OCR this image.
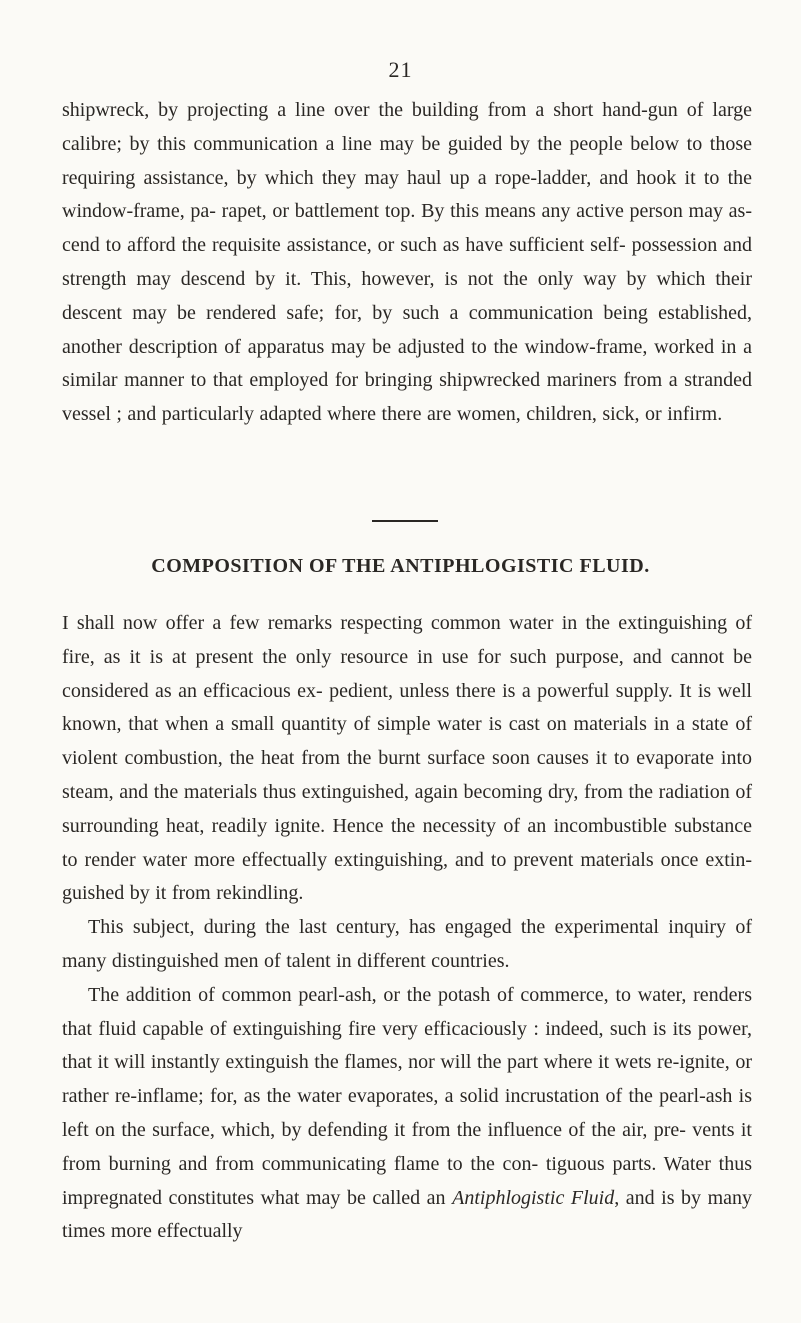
21

shipwreck, by projecting a line over the building from a short hand-gun of large calibre; by this communication a line may be guided by the people below to those requiring assistance, by which they may haul up a rope-ladder, and hook it to the window-frame, pa- rapet, or battlement top. By this means any active person may as- cend to afford the requisite assistance, or such as have sufficient self- possession and strength may descend by it. This, however, is not the only way by which their descent may be rendered safe; for, by such a communication being established, another description of apparatus may be adjusted to the window-frame, worked in a similar manner to that employed for bringing shipwrecked mariners from a stranded vessel ; and particularly adapted where there are women, children, sick, or infirm.

COMPOSITION OF THE ANTIPHLOGISTIC FLUID.

I shall now offer a few remarks respecting common water in the extinguishing of fire, as it is at present the only resource in use for such purpose, and cannot be considered as an efficacious ex- pedient, unless there is a powerful supply. It is well known, that when a small quantity of simple water is cast on materials in a state of violent combustion, the heat from the burnt surface soon causes it to evaporate into steam, and the materials thus extinguished, again becoming dry, from the radiation of surrounding heat, readily ignite. Hence the necessity of an incombustible substance to render water more effectually extinguishing, and to prevent materials once extin- guished by it from rekindling.

This subject, during the last century, has engaged the experimental inquiry of many distinguished men of talent in different countries.

The addition of common pearl-ash, or the potash of commerce, to water, renders that fluid capable of extinguishing fire very efficaciously : indeed, such is its power, that it will instantly extinguish the flames, nor will the part where it wets re-ignite, or rather re-inflame; for, as the water evaporates, a solid incrustation of the pearl-ash is left on the surface, which, by defending it from the influence of the air, pre- vents it from burning and from communicating flame to the con- tiguous parts. Water thus impregnated constitutes what may be called an Antiphlogistic Fluid, and is by many times more effectually
